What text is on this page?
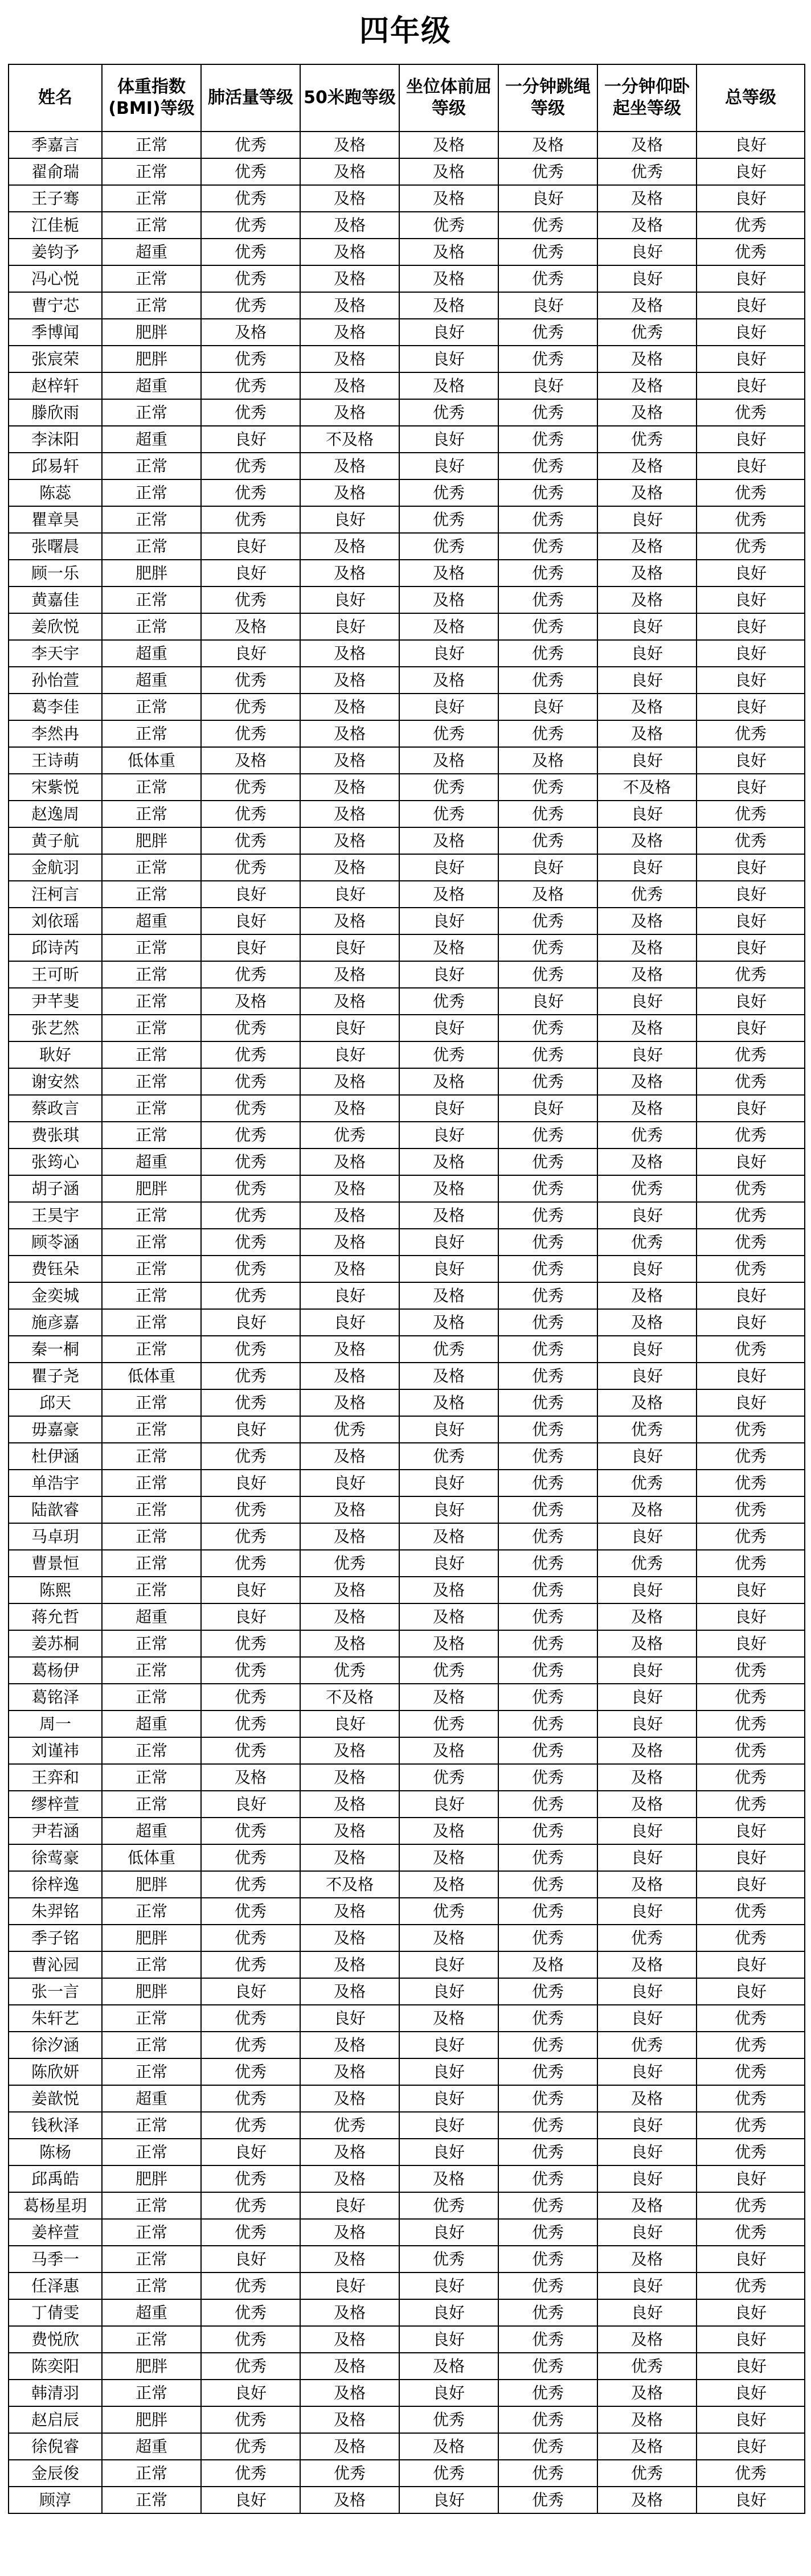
四年级
姓名	体重指数(BMI)等级	肺活量等级	50米跑等级	坐位体前屈等级	一分钟跳绳等级	一分钟仰卧起坐等级	总等级
季嘉言	正常	优秀	及格	及格	及格	及格	良好
翟俞瑞	正常	优秀	及格	及格	优秀	优秀	良好
王子骞	正常	优秀	及格	及格	良好	及格	良好
江佳栀	正常	优秀	及格	优秀	优秀	及格	优秀
姜钧予	超重	优秀	及格	及格	优秀	良好	优秀
冯心悦	正常	优秀	及格	及格	优秀	良好	良好
曹宁芯	正常	优秀	及格	及格	良好	及格	良好
季博闻	肥胖	及格	及格	良好	优秀	优秀	良好
张宸荣	肥胖	优秀	及格	良好	优秀	及格	良好
赵梓轩	超重	优秀	及格	及格	良好	及格	良好
滕欣雨	正常	优秀	及格	优秀	优秀	及格	优秀
李沫阳	超重	良好	不及格	良好	优秀	优秀	良好
邱易轩	正常	优秀	及格	良好	优秀	及格	良好
陈蕊	正常	优秀	及格	优秀	优秀	及格	优秀
瞿章昊	正常	优秀	良好	优秀	优秀	良好	优秀
张曙晨	正常	良好	及格	优秀	优秀	及格	优秀
顾一乐	肥胖	良好	及格	及格	优秀	及格	良好
黄嘉佳	正常	优秀	良好	及格	优秀	及格	良好
姜欣悦	正常	及格	良好	及格	优秀	良好	良好
李天宇	超重	良好	及格	良好	优秀	良好	良好
孙怡萱	超重	优秀	及格	及格	优秀	良好	良好
葛李佳	正常	优秀	及格	良好	良好	及格	良好
李然冉	正常	优秀	及格	优秀	优秀	及格	优秀
王诗萌	低体重	及格	及格	及格	及格	良好	良好
宋紫悦	正常	优秀	及格	优秀	优秀	不及格	良好
赵逸周	正常	优秀	及格	优秀	优秀	良好	优秀
黄子航	肥胖	优秀	及格	及格	优秀	及格	优秀
金航羽	正常	优秀	及格	良好	良好	良好	良好
汪柯言	正常	良好	良好	及格	及格	优秀	良好
刘依瑶	超重	良好	及格	良好	优秀	及格	良好
邱诗芮	正常	良好	良好	及格	优秀	及格	良好
王可昕	正常	优秀	及格	良好	优秀	及格	优秀
尹芊斐	正常	及格	及格	优秀	良好	良好	良好
张艺然	正常	优秀	良好	良好	优秀	及格	良好
耿好	正常	优秀	良好	优秀	优秀	良好	优秀
谢安然	正常	优秀	及格	及格	优秀	及格	优秀
蔡政言	正常	优秀	及格	良好	良好	及格	良好
费张琪	正常	优秀	优秀	良好	优秀	优秀	优秀
张筠心	超重	优秀	及格	及格	优秀	及格	良好
胡子涵	肥胖	优秀	及格	及格	优秀	优秀	优秀
王昊宇	正常	优秀	及格	及格	优秀	良好	优秀
顾苓涵	正常	优秀	及格	良好	优秀	优秀	优秀
费钰朵	正常	优秀	及格	良好	优秀	良好	优秀
金奕城	正常	优秀	良好	及格	优秀	及格	良好
施彦嘉	正常	良好	良好	及格	优秀	及格	良好
秦一桐	正常	优秀	及格	优秀	优秀	良好	优秀
瞿子尧	低体重	优秀	及格	及格	优秀	良好	良好
邱天	正常	优秀	及格	及格	优秀	及格	良好
毋嘉豪	正常	良好	优秀	良好	优秀	优秀	优秀
杜伊涵	正常	优秀	及格	优秀	优秀	良好	优秀
单浩宇	正常	良好	良好	良好	优秀	优秀	优秀
陆歆睿	正常	优秀	及格	良好	优秀	及格	优秀
马卓玥	正常	优秀	及格	及格	优秀	良好	优秀
曹景恒	正常	优秀	优秀	良好	优秀	优秀	优秀
陈熙	正常	良好	及格	及格	优秀	良好	良好
蒋允哲	超重	良好	及格	及格	优秀	及格	良好
姜苏桐	正常	优秀	及格	及格	优秀	及格	良好
葛杨伊	正常	优秀	优秀	优秀	优秀	良好	优秀
葛铭泽	正常	优秀	不及格	及格	优秀	良好	优秀
周一	超重	优秀	良好	优秀	优秀	良好	优秀
刘谨祎	正常	优秀	及格	及格	优秀	及格	优秀
王弈和	正常	及格	及格	优秀	优秀	及格	优秀
缪梓萱	正常	良好	及格	良好	优秀	及格	优秀
尹若涵	超重	优秀	及格	及格	优秀	良好	良好
徐莺豪	低体重	优秀	及格	及格	优秀	良好	良好
徐梓逸	肥胖	优秀	不及格	及格	优秀	及格	良好
朱羿铭	正常	优秀	及格	优秀	优秀	良好	优秀
季子铭	肥胖	优秀	及格	及格	优秀	优秀	优秀
曹沁园	正常	优秀	及格	良好	及格	及格	良好
张一言	肥胖	良好	及格	良好	优秀	良好	良好
朱轩艺	正常	优秀	良好	及格	优秀	良好	优秀
徐汐涵	正常	优秀	及格	良好	优秀	优秀	优秀
陈欣妍	正常	优秀	及格	良好	优秀	良好	优秀
姜歆悦	超重	优秀	及格	良好	优秀	及格	优秀
钱秋泽	正常	优秀	优秀	良好	优秀	良好	优秀
陈杨	正常	良好	及格	良好	优秀	良好	优秀
邱禹皓	肥胖	优秀	及格	及格	优秀	良好	良好
葛杨星玥	正常	优秀	良好	优秀	优秀	及格	优秀
姜梓萱	正常	优秀	及格	良好	优秀	良好	优秀
马季一	正常	良好	及格	优秀	优秀	及格	良好
任泽惠	正常	优秀	良好	良好	优秀	良好	优秀
丁倩雯	超重	优秀	及格	良好	优秀	良好	良好
费悦欣	正常	优秀	及格	良好	优秀	及格	良好
陈奕阳	肥胖	优秀	及格	及格	优秀	优秀	良好
韩清羽	正常	良好	及格	良好	优秀	及格	良好
赵启辰	肥胖	优秀	及格	优秀	优秀	及格	良好
徐倪睿	超重	优秀	及格	及格	优秀	及格	良好
金辰俊	正常	优秀	优秀	优秀	优秀	优秀	优秀
顾淳	正常	良好	及格	良好	优秀	及格	良好
